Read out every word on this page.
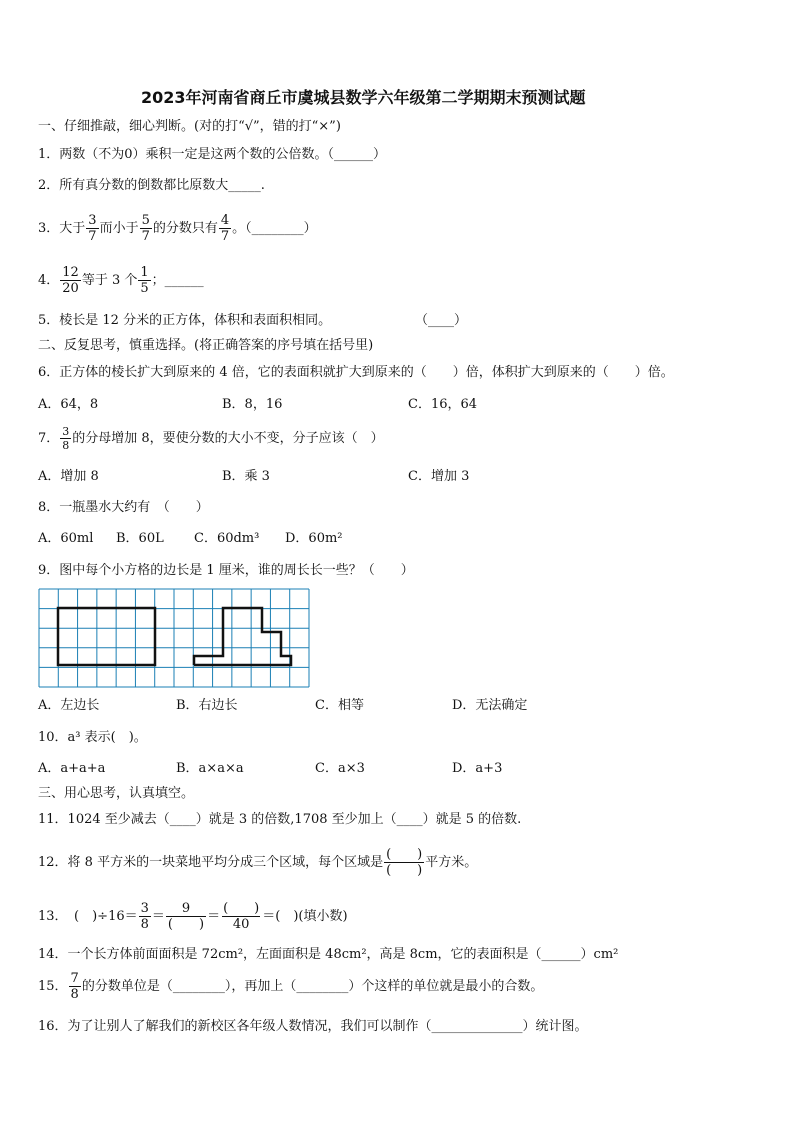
2023年河南省商丘市虞城县数学六年级第二学期期末预测试题
一、仔细推敲，细心判断。(对的打“√”，错的打“×”)
1．两数（不为0）乘积一定是这两个数的公倍数。（______）
2．所有真分数的倒数都比原数大_____.
3．大于 $\frac{3}{7}$ 而小于 $\frac{5}{7}$ 的分数只有 $\frac{4}{7}$ 。（________）
4． $\frac{12}{20}$ 等于 3 个 $\frac{1}{5}$ ；______
5．棱长是 12 分米的正方体，体积和表面积相同。	（____）
二、反复思考，慎重选择。(将正确答案的序号填在括号里)
6．正方体的棱长扩大到原来的 4 倍，它的表面积就扩大到原来的（　　）倍，体积扩大到原来的（　　）倍。
A．64，8	B．8，16	C．16，64
7． $\frac{3}{8}$ 的分母增加 8，要使分数的大小不变，分子应该（　）
A．增加 8	B．乘 3	C．增加 3
8．一瓶墨水大约有　（　　）
A．60ml B．60L C．60dm³ D．60m²
9．图中每个小方格的边长是 1 厘米，谁的周长长一些？（　　）
A．左边长	B．右边长	C．相等	D．无法确定
10．a³ 表示(　)。
A．a+a+a	B．a×a×a	C．a×3	D．a+3
三、用心思考，认真填空。
11．1024 至少减去（____）就是 3 的倍数,1708 至少加上（____）就是 5 的倍数.
12．将 8 平方米的一块菜地平均分成三个区域，每个区域是 $\frac{( )}{( )}$ 平方米。
13．　(　)$\div 16= \frac{3}{8} = \frac{9}{( )} = \frac{( )}{40}$ ＝(　)(填小数)
14．一个长方体前面面积是 72cm²，左面面积是 48cm²，高是 8cm，它的表面积是（______）cm²
15． $\frac{7}{8}$ 的分数单位是（________），再加上（________）个这样的单位就是最小的合数。
16．为了让别人了解我们的新校区各年级人数情况，我们可以制作（______________）统计图。
